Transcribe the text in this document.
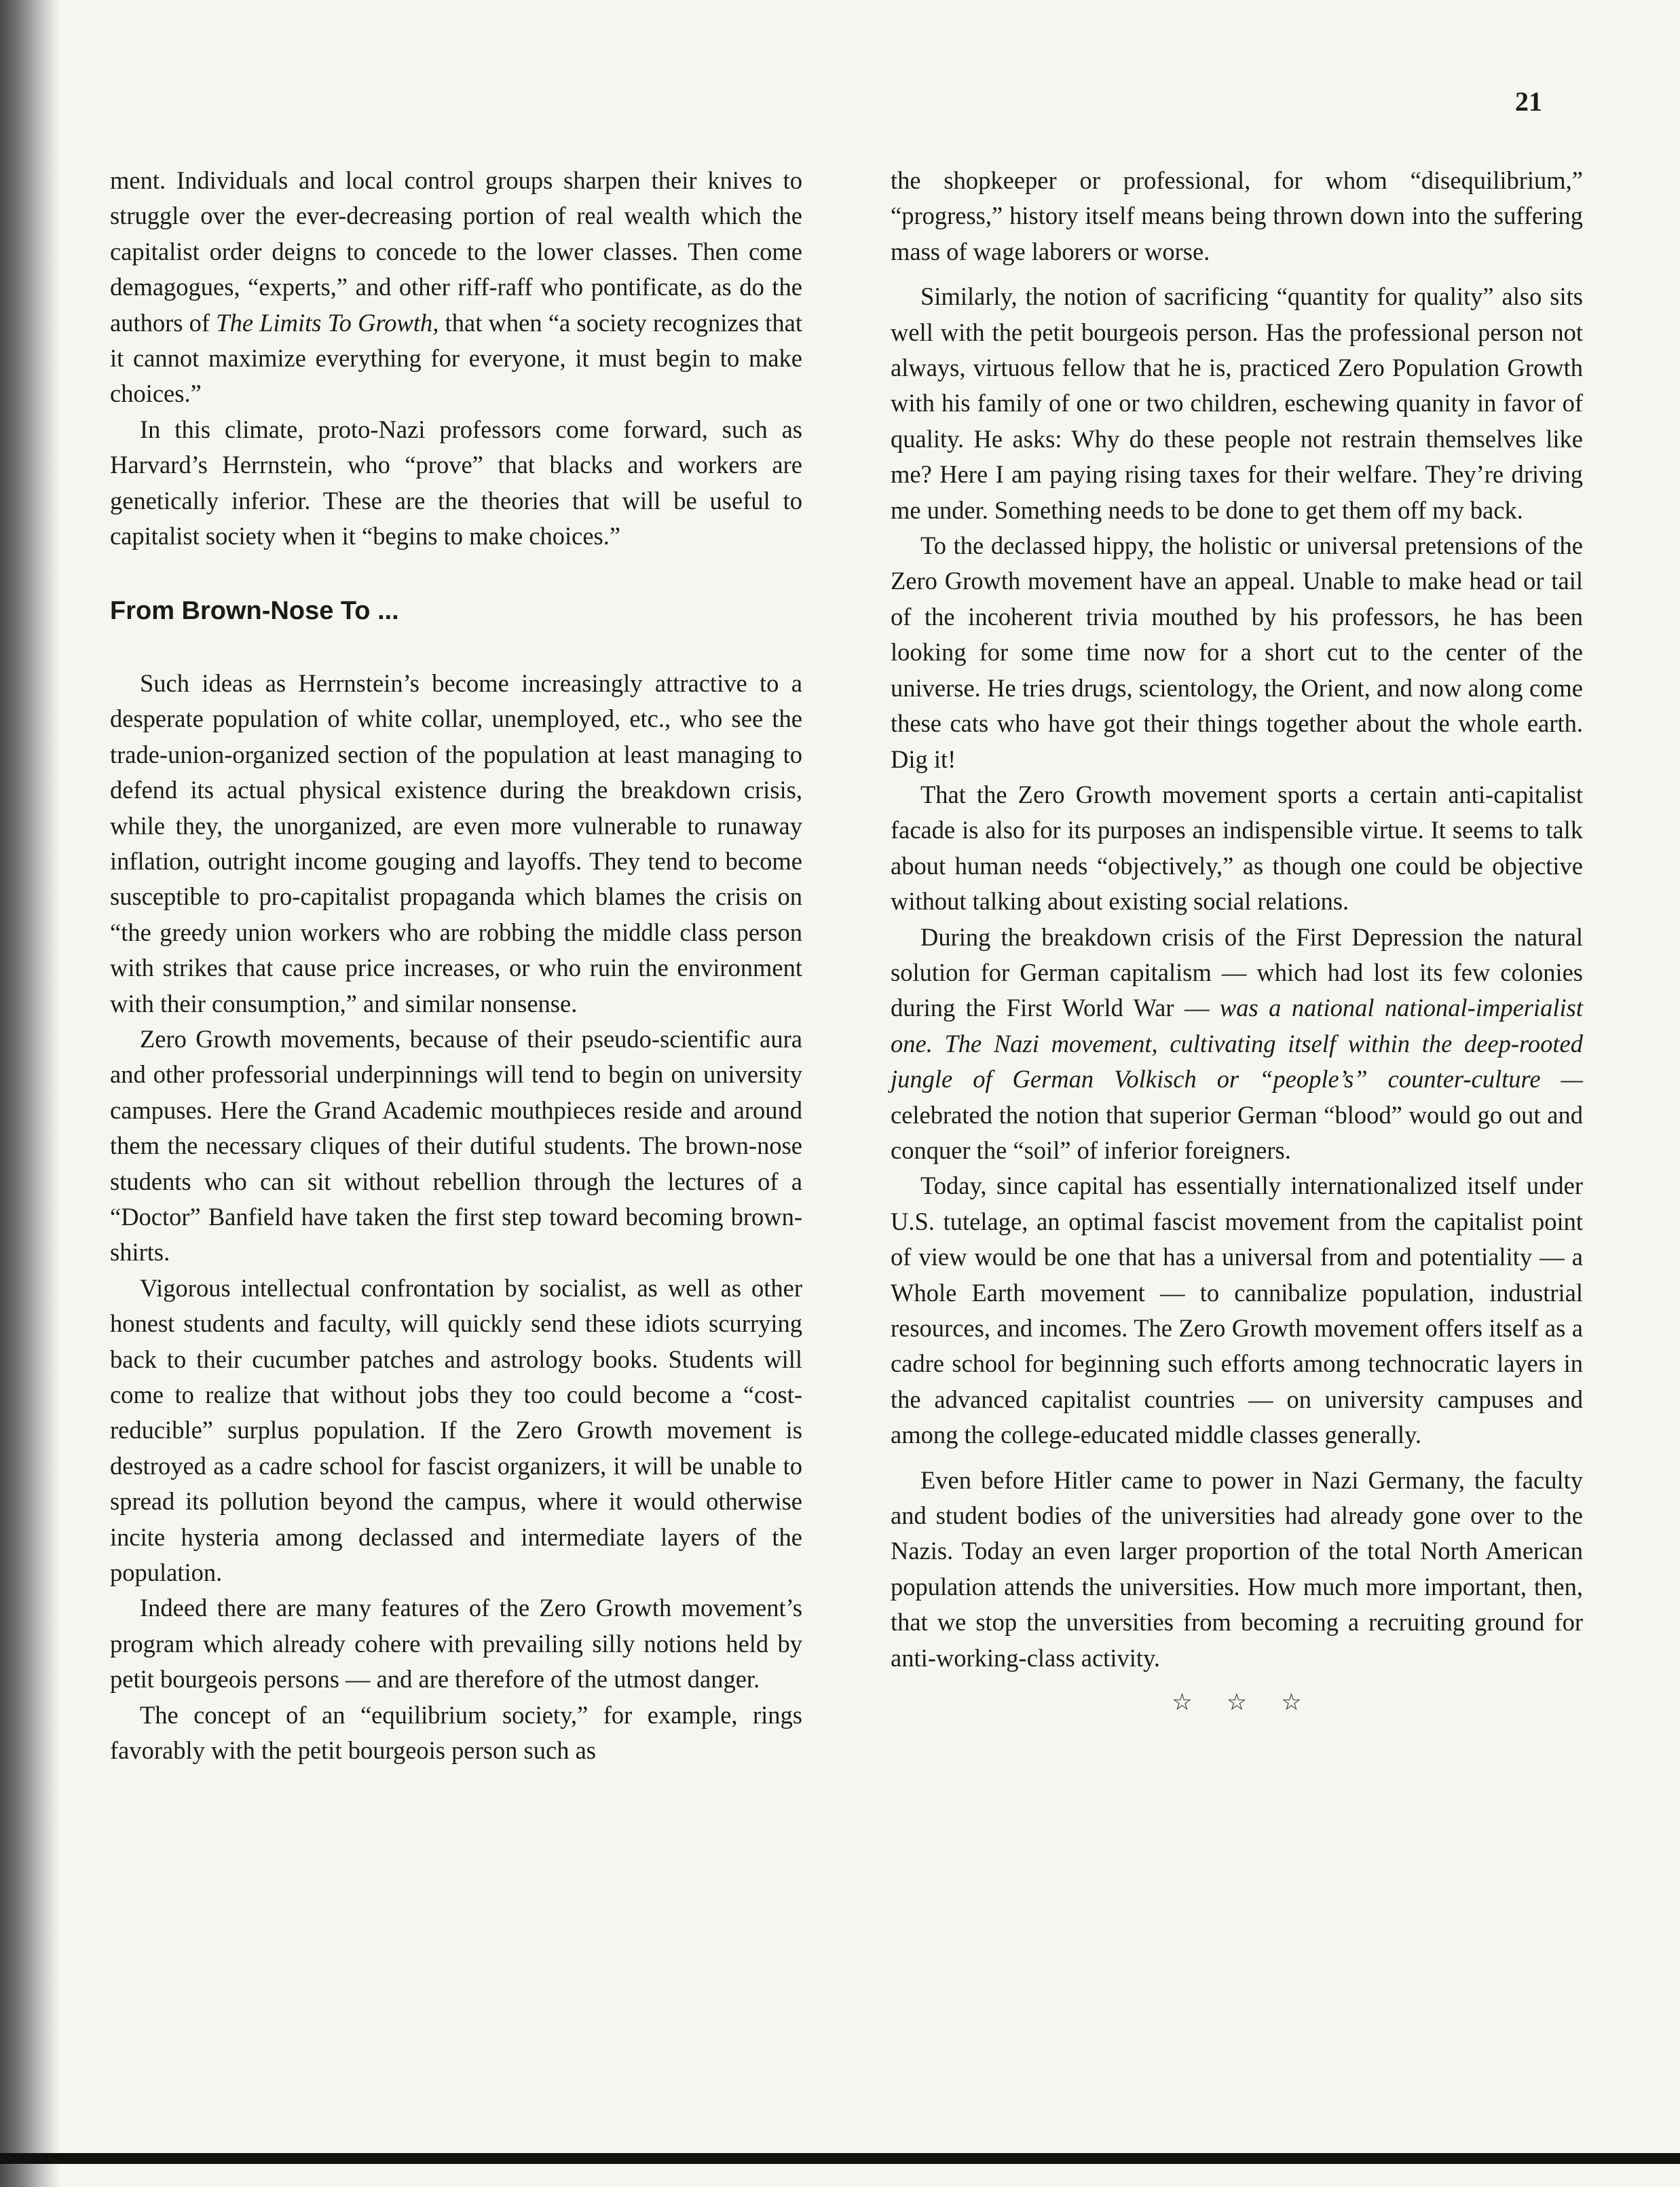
21

ment. Individuals and local control groups sharpen their knives to struggle over the ever-decreasing portion of real wealth which the capitalist order deigns to concede to the lower classes. Then come demagogues, “experts,” and other riff-raff who pontificate, as do the authors of The Limits To Growth, that when “a society recognizes that it cannot maximize everything for everyone, it must begin to make choices.”

In this climate, proto-Nazi professors come forward, such as Harvard’s Herrnstein, who “prove” that blacks and workers are genetically inferior. These are the theories that will be useful to capitalist society when it “begins to make choices.”

From Brown-Nose To ...

Such ideas as Herrnstein’s become increasingly attractive to a desperate population of white collar, unemployed, etc., who see the trade-union-organized section of the population at least managing to defend its actual physical existence during the breakdown crisis, while they, the unorganized, are even more vulnerable to runaway inflation, outright income gouging and layoffs. They tend to become susceptible to pro-capitalist propaganda which blames the crisis on “the greedy union workers who are robbing the middle class person with strikes that cause price increases, or who ruin the environment with their consumption,” and similar nonsense.

Zero Growth movements, because of their pseudo-scientific aura and other professorial underpinnings will tend to begin on university campuses. Here the Grand Academic mouthpieces reside and around them the necessary cliques of their dutiful students. The brown-nose students who can sit without rebellion through the lectures of a “Doctor” Banfield have taken the first step toward becoming brown-shirts.

Vigorous intellectual confrontation by socialist, as well as other honest students and faculty, will quickly send these idiots scurrying back to their cucumber patches and astrology books. Students will come to realize that without jobs they too could become a “cost-reducible” surplus population. If the Zero Growth movement is destroyed as a cadre school for fascist organizers, it will be unable to spread its pollution beyond the campus, where it would otherwise incite hysteria among declassed and intermediate layers of the population.

Indeed there are many features of the Zero Growth movement’s program which already cohere with prevailing silly notions held by petit bourgeois persons — and are therefore of the utmost danger.

The concept of an “equilibrium society,” for example, rings favorably with the petit bourgeois person such as

the shopkeeper or professional, for whom “disequilibrium,” “progress,” history itself means being thrown down into the suffering mass of wage laborers or worse.

Similarly, the notion of sacrificing “quantity for quality” also sits well with the petit bourgeois person. Has the professional person not always, virtuous fellow that he is, practiced Zero Population Growth with his family of one or two children, eschewing quanity in favor of quality. He asks: Why do these people not restrain themselves like me? Here I am paying rising taxes for their welfare. They’re driving me under. Something needs to be done to get them off my back.

To the declassed hippy, the holistic or universal pretensions of the Zero Growth movement have an appeal. Unable to make head or tail of the incoherent trivia mouthed by his professors, he has been looking for some time now for a short cut to the center of the universe. He tries drugs, scientology, the Orient, and now along come these cats who have got their things together about the whole earth. Dig it!

That the Zero Growth movement sports a certain anti-capitalist facade is also for its purposes an indispensible virtue. It seems to talk about human needs “objectively,” as though one could be objective without talking about existing social relations.

During the breakdown crisis of the First Depression the natural solution for German capitalism — which had lost its few colonies during the First World War — was a national national-imperialist one. The Nazi movement, cultivating itself within the deep-rooted jungle of German Volkisch or “people’s” counter-culture — celebrated the notion that superior German “blood” would go out and conquer the “soil” of inferior foreigners.

Today, since capital has essentially internationalized itself under U.S. tutelage, an optimal fascist movement from the capitalist point of view would be one that has a universal from and potentiality — a Whole Earth movement — to cannibalize population, industrial resources, and incomes. The Zero Growth movement offers itself as a cadre school for beginning such efforts among technocratic layers in the advanced capitalist countries — on university campuses and among the college-educated middle classes generally.

Even before Hitler came to power in Nazi Germany, the faculty and student bodies of the universities had already gone over to the Nazis. Today an even larger proportion of the total North American population attends the universities. How much more important, then, that we stop the unversities from becoming a recruiting ground for anti-working-class activity.

☆☆☆
